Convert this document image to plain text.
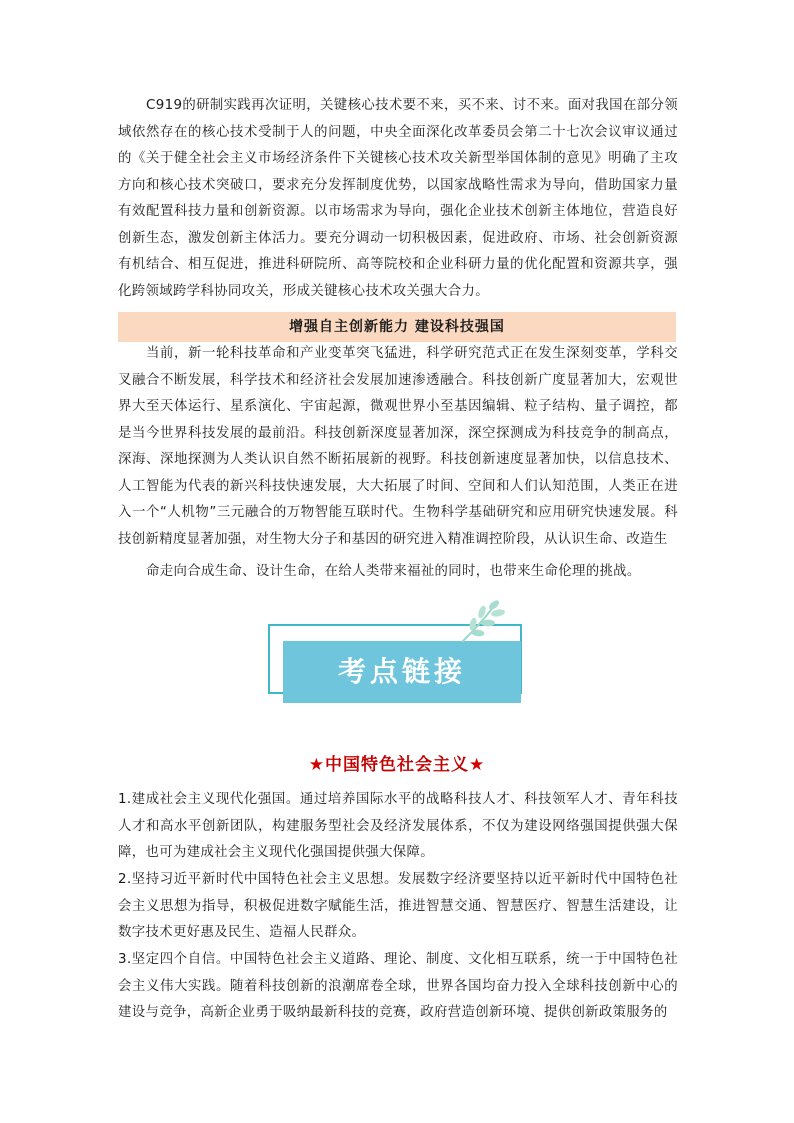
C919的研制实践再次证明，关键核心技术要不来，买不来、讨不来。面对我国在部分领域依然存在的核心技术受制于人的问题，中央全面深化改革委员会第二十七次会议审议通过的《关于健全社会主义市场经济条件下关键核心技术攻关新型举国体制的意见》明确了主攻方向和核心技术突破口，要求充分发挥制度优势，以国家战略性需求为导向，借助国家力量有效配置科技力量和创新资源。以市场需求为导向，强化企业技术创新主体地位，营造良好创新生态，激发创新主体活力。要充分调动一切积极因素，促进政府、市场、社会创新资源有机结合、相互促进，推进科研院所、高等院校和企业科研力量的优化配置和资源共享，强化跨领域跨学科协同攻关，形成关键核心技术攻关强大合力。

增强自主创新能力 建设科技强国

当前，新一轮科技革命和产业变革突飞猛进，科学研究范式正在发生深刻变革，学科交叉融合不断发展，科学技术和经济社会发展加速渗透融合。科技创新广度显著加大，宏观世界大至天体运行、星系演化、宇宙起源，微观世界小至基因编辑、粒子结构、量子调控，都是当今世界科技发展的最前沿。科技创新深度显著加深，深空探测成为科技竞争的制高点，深海、深地探测为人类认识自然不断拓展新的视野。科技创新速度显著加快，以信息技术、人工智能为代表的新兴科技快速发展，大大拓展了时间、空间和人们认知范围，人类正在进入一个“人机物”三元融合的万物智能互联时代。生物科学基础研究和应用研究快速发展。科技创新精度显著加强，对生物大分子和基因的研究进入精准调控阶段，从认识生命、改造生

命走向合成生命、设计生命，在给人类带来福祉的同时，也带来生命伦理的挑战。

考点链接
★中国特色社会主义★

1.建成社会主义现代化强国。通过培养国际水平的战略科技人才、科技领军人才、青年科技人才和高水平创新团队，构建服务型社会及经济发展体系，不仅为建设网络强国提供强大保障，也可为建成社会主义现代化强国提供强大保障。

2.坚持习近平新时代中国特色社会主义思想。发展数字经济要坚持以近平新时代中国特色社会主义思想为指导，积极促进数字赋能生活，推进智慧交通、智慧医疗、智慧生活建设，让数字技术更好惠及民生、造福人民群众。

3.坚定四个自信。中国特色社会主义道路、理论、制度、文化相互联系，统一于中国特色社会主义伟大实践。随着科技创新的浪潮席卷全球，世界各国均奋力投入全球科技创新中心的建设与竞争，高新企业勇于吸纳最新科技的竞赛，政府营造创新环境、提供创新政策服务的
